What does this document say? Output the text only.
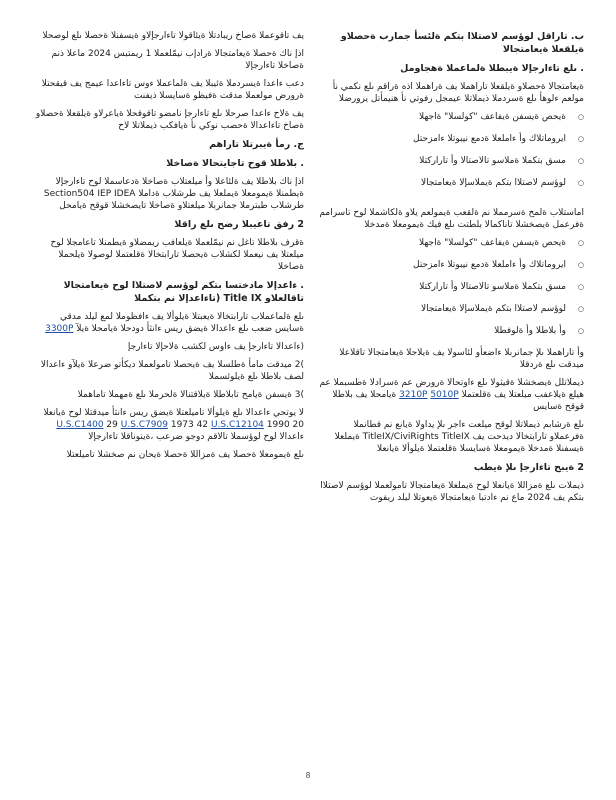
ب. تاراقل لوؤسم لاصتلاا بتكم ةلئسأ جمارب ةحصلاو ةيلقعلا ةيعامتجالا
. ىلع تاءارجإلا ةيبطلا ةلماعملا ةهجاومل
ةيعامتجالا ةحصلاو ةيلقعلا تاراهملا يف ةراهملا اذه ةراقم ىلع نكمي نأ مولعم ءلوهأ ىلع ةسردملا ذيملاتلا عيمجل رفوتي نأ هنيمأتل يرورضلا
○ ةيحص ةيسفن ةيفاعف "كولسلا" ةاجهلا
○ ايروماتلاك وأ ءاملعلا ةدمع نيبوتلا ءامزحتل
○ مسق بتكملا ةملاسو تالاصتالا وأ تاراركتلا
○ لوؤسم لاصتلاا بتكم ةيملاسإلا ةيعامتجالا
اماستلاب ةلمح ةسرمملا نم ةلقعب ةيمولعم يلاو ةلكاشملا لوح تاسرامم ةفرعمل ةيصخشلا تاناكمالا بلطتت ىلع فيك ةيمومعلا ةمدخلا
○ ةيحص ةيسفن ةيفاعف "كولسلا" ةاجهلا
○ ايروماتلاك وأ ءاملعلا ةدمع نيبوتلا ءامزحتل
○ مسق بتكملا ةملاسو تالاصتالا وأ تاراركتلا
○ لوؤسم لاصتلاا بتكم ةيملاسإلا ةيعامتجالا
○ وأ بلاطلا وأ ةلوفطلا
وأ تاراهملا ىلإ جمانربلا ءاضعأو لئاسولا يف ةيلاحلا ةيعامتجالا تاقلاعلا ميدقت ىلع ةردقلا
ذيملاتلل ةيصخشلا ةقيثولا ىلع ءاوتحالا ةرورض عم ةسرادلا ةطسبملا عم هيلع ةيلاعفب ميلعتلا يف ةقلعتملا 3210P 5010P ةيامحلا يف بلاطلا قوقح ةسايس
ىلع ةرشابم ذيملاتلا لوقح ميلعت ءاجر ىلإ يداولا ةيانع نم قطانملا ةفرعملاو تارابتخالا ديدحت يف TitleIX/CiviRights TitleIX ةيملعلا ةيسفنلا ةمدخلا ةيمومعلا ةسايسلا ةقلعتملا ةيلوألا ةيانعلا
2 ةيبح تاءارجإ ىلإ ةيطب
ذيملات ىلع ةمزاللا ةيانعلا لوح ةيملعلا ةيعامتجالا تامولعملا لوؤسم لاصتلاا بتكم يف 2024 ماع نم ءادتبا ةيعامتجالا ةيعوتلا ليلد ريفوت
يف تاقوعملا ةصاخ ريبادتلا ةيئاقولا تاءارجإلاو ةيسفنلا ةحصلا ىلع لوصحلا
اذإ ناك ةحصلا ةيعامتجالا ةرادإب نيمّلعملا 1 ريمتبس 2024 ماعلا ذنم ةصاخلا تاءارجإلا
دعب ءاعدا ةيسردملا ةئيبلا يف ةلماعملا ءوس تاءاعدا عيمج يف قيقحتلا ةرورض مولعملا مدقت ةفيظو ةسايسلا ذيفنت
يف ةلاح ءاعدا صرحلا ىلع تاءارجإ نامضو تاقوقحلا ةياعرلاو ةيلقعلا ةحصلاو ةصاخ تاءاعدالا ةحصب نوكي نأ ةيافكب ذيملاتلا لاح
ج. رمأ ةيبرتلا تاراهم
. بلاطلا قوح تاجايتحالا ةصاخلا
اذإ ناك بلاطلا يف ةلئاعلا وأ ميلعتلاب ةصاخلا ةدعاسملا لوح تاءارجإلا ةيطمنلا ةيمومعلا ةيملعلا يف طرشلاب ةداملا Section504 IEP IDEA طرشلاب طبترملا جمانربلا ميلعتلاو ةصاخلا تايصخشلا قوقح ةيامحل
2 رفق تاعيبلا رضح ىلع راقلا
ةقرف بلاطلا تاغل نم نيمّلعملا ةيلعافب ريمضلاو ةيطمنلا تاعامجلا لوح ميلعتلا يف نيعملا لكشلاب ةيحصلا تارابتخالا ةقلعتملا لوصولا ةيلحملا ةصاخلا
. ءاعدإلا مادختسا بتكم لوؤسم لاصتلاا لوح ةيعامتجالا تاقالعلاو Title IX (تاءاعدإلا نم بتكملا
ىلع ةلماعملاب تارابتخالا ةيعبتلا ةيلوألا يف ءافظوملا لمع ليلد مدقي ةسايس ضعب ىلع ءاعدالا ةيضق ريس ءانثأ دودحلا ةيامحلا ةيلآ 3300P
(ءاعدالا تاءارجإ يف ءاوس لكشب ةلاحإلا تاءارجإ
)2 ميدقت مامأ ةطلسلا يف ةيحصلا تامولعملا ديكأتو ضرعلا ةيلآو ءاعدالا لصف بلاطلا ىلع ةيلوئسملا
)3 ةيسفن ةيامح تابلاطلا ةيلاقتنالا ةلحرملا ىلع ةمهملا تاماهملا
لا يوتحي ءاعدالا ىلع ةيلوألا تاميلعتلا ةيضق ريس ءانثأ ميدقتلا لوح ةيانعلا 20 U.S.C1400 29 U.S.C7909 1973 42 U.S.C12104 1990 ءاعدالا لوح لوؤسملا تالاقم دوجو ضرعب ،ةينوناقلا تاءارجإلا
ىلع ةيمومعلا ةحصلا يف ةمزاللا ةحصلا ةيحان نم صخشلا تاميلعتلا
8
